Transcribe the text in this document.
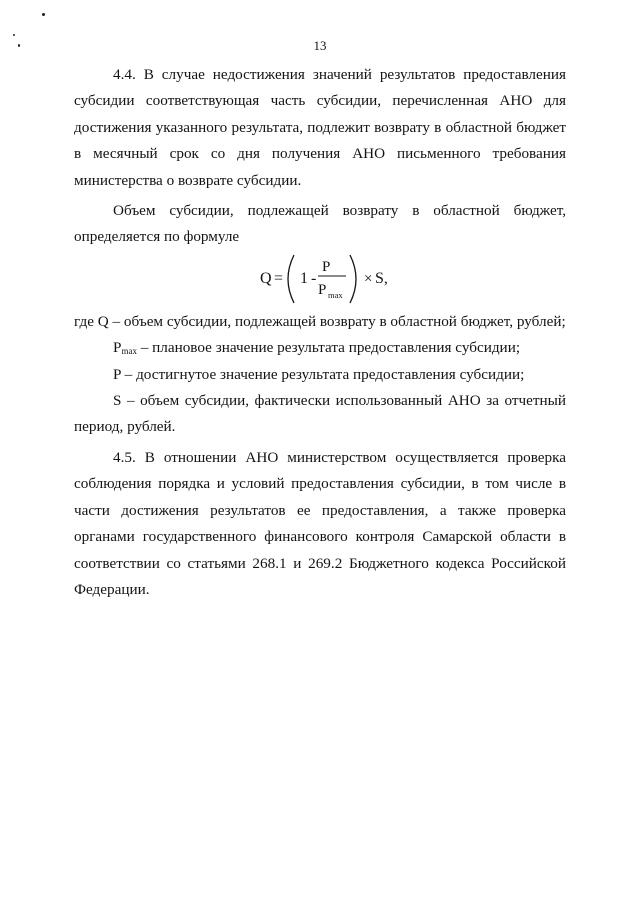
13

4.4. В случае недостижения значений результатов предоставления субсидии соответствующая часть субсидии, перечисленная АНО для достижения указанного результата, подлежит возврату в областной бюджет в месячный срок со дня получения АНО письменного требования министерства о возврате субсидии.

Объем субсидии, подлежащей возврату в областной бюджет, определяется по формуле

Q = 1 -
P
P max
× S,

где Q – объем субсидии, подлежащей возврату в областной бюджет, рублей;

$P_{max}$ – плановое значение результата предоставления субсидии;

P – достигнутое значение результата предоставления субсидии;

S – объем субсидии, фактически использованный АНО за отчетный период, рублей.

4.5. В отношении АНО министерством осуществляется проверка соблюдения порядка и условий предоставления субсидии, в том числе в части достижения результатов ее предоставления, а также проверка органами государственного финансового контроля Самарской области в соответствии со статьями 268.1 и 269.2 Бюджетного кодекса Российской Федерации.
